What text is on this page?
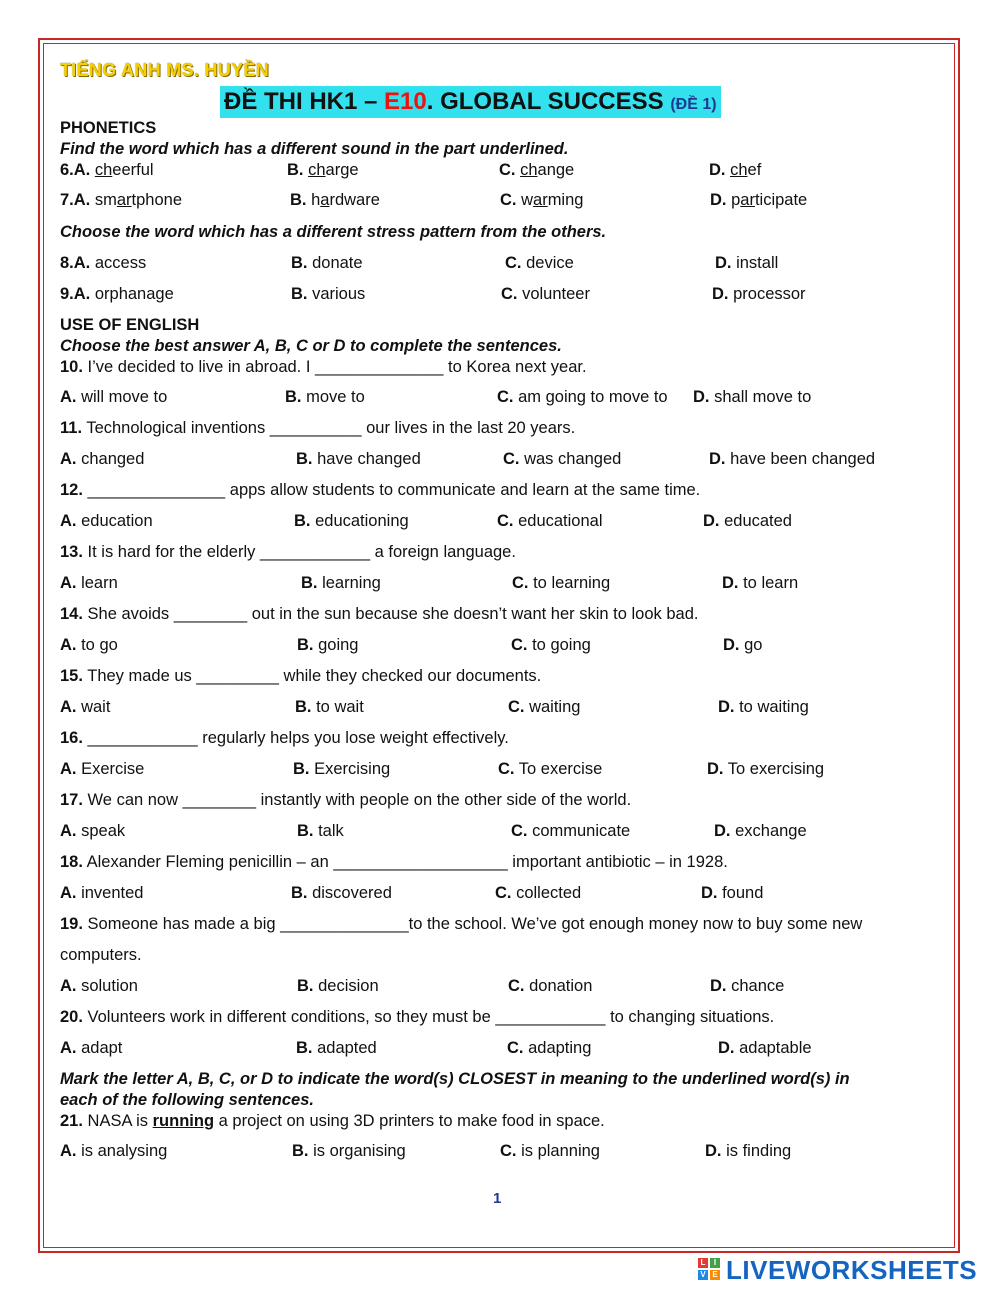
TIẾNG ANH MS. HUYỀN
ĐỀ THI HK1 – E10. GLOBAL SUCCESS (ĐỀ 1)
PHONETICS
Find the word which has a different sound in the part underlined.
6.A. cheerful	B. charge	C. change	D. chef
7.A. smartphone	B. hardware	C. warming	D. participate
Choose the word which has a different stress pattern from the others.
8.A. access	B. donate	C. device	D. install
9.A. orphanage	B. various	C. volunteer	D. processor
USE OF ENGLISH
Choose the best answer A, B, C or D to complete the sentences.
10. I’ve decided to live in abroad. I ______________ to Korea next year.
A. will move to	B. move to	C. am going to move to D. shall move to
11. Technological inventions __________ our lives in the last 20 years.
A. changed	B. have changed	C. was changed	D. have been changed
12. _______________ apps allow students to communicate and learn at the same time.
A. education	B. educationing	C. educational	D. educated
13. It is hard for the elderly ____________ a foreign language.
A. learn	B. learning	C. to learning	D. to learn
14. She avoids ________ out in the sun because she doesn’t want her skin to look bad.
A. to go	B. going	C. to going	D. go
15. They made us _________ while they checked our documents.
A. wait	B. to wait	C. waiting	D. to waiting
16. ____________ regularly helps you lose weight effectively.
A. Exercise	B. Exercising	C. To exercise	D. To exercising
17. We can now ________ instantly with people on the other side of the world.
A. speak	B. talk	C. communicate	D. exchange
18. Alexander Fleming penicillin – an ___________________ important antibiotic – in 1928.
A. invented	B. discovered	C. collected	D. found
19. Someone has made a big ______________to the school. We’ve got enough money now to buy some new
computers.
A. solution	B. decision	C. donation	D. chance
20. Volunteers work in different conditions, so they must be ____________ to changing situations.
A. adapt	B. adapted	C. adapting	D. adaptable
Mark the letter A, B, C, or D to indicate the word(s) CLOSEST in meaning to the underlined word(s) in
each of the following sentences.
21. NASA is running a project on using 3D printers to make food in space.
A. is analysing	B. is organising	C. is planning	D. is finding
1
L	I
V E LIVEWORKSHEETS
